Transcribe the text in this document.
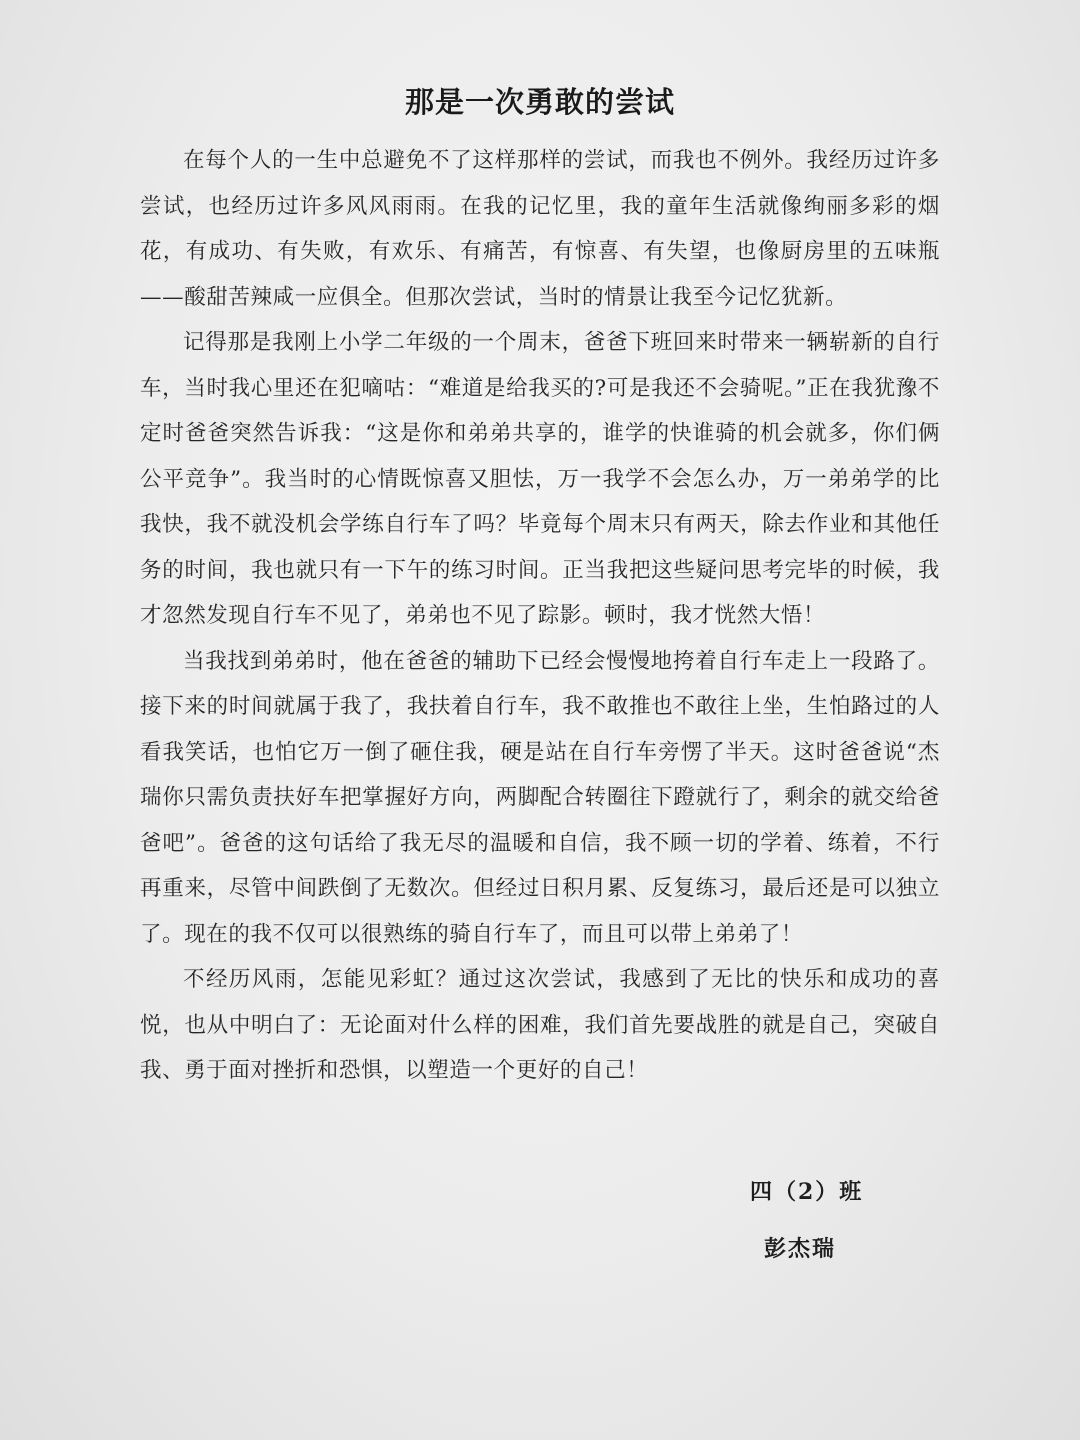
那是一次勇敢的尝试

在每个人的一生中总避免不了这样那样的尝试，而我也不例外。我经历过许多尝试，也经历过许多风风雨雨。在我的记忆里，我的童年生活就像绚丽多彩的烟花，有成功、有失败，有欢乐、有痛苦，有惊喜、有失望，也像厨房里的五味瓶——酸甜苦辣咸一应俱全。但那次尝试，当时的情景让我至今记忆犹新。

记得那是我刚上小学二年级的一个周末，爸爸下班回来时带来一辆崭新的自行车，当时我心里还在犯嘀咕：“难道是给我买的?可是我还不会骑呢。”正在我犹豫不定时爸爸突然告诉我：“这是你和弟弟共享的，谁学的快谁骑的机会就多，你们俩公平竞争”。我当时的心情既惊喜又胆怯，万一我学不会怎么办，万一弟弟学的比我快，我不就没机会学练自行车了吗？毕竟每个周末只有两天，除去作业和其他任务的时间，我也就只有一下午的练习时间。正当我把这些疑问思考完毕的时候，我才忽然发现自行车不见了，弟弟也不见了踪影。顿时，我才恍然大悟！

当我找到弟弟时，他在爸爸的辅助下已经会慢慢地挎着自行车走上一段路了。接下来的时间就属于我了，我扶着自行车，我不敢推也不敢往上坐，生怕路过的人看我笑话，也怕它万一倒了砸住我，硬是站在自行车旁愣了半天。这时爸爸说“杰瑞你只需负责扶好车把掌握好方向，两脚配合转圈往下蹬就行了，剩余的就交给爸爸吧”。爸爸的这句话给了我无尽的温暖和自信，我不顾一切的学着、练着，不行再重来，尽管中间跌倒了无数次。但经过日积月累、反复练习，最后还是可以独立了。现在的我不仅可以很熟练的骑自行车了，而且可以带上弟弟了！

不经历风雨，怎能见彩虹？通过这次尝试，我感到了无比的快乐和成功的喜悦，也从中明白了：无论面对什么样的困难，我们首先要战胜的就是自己，突破自我、勇于面对挫折和恐惧，以塑造一个更好的自己！

四（2）班
彭杰瑞
